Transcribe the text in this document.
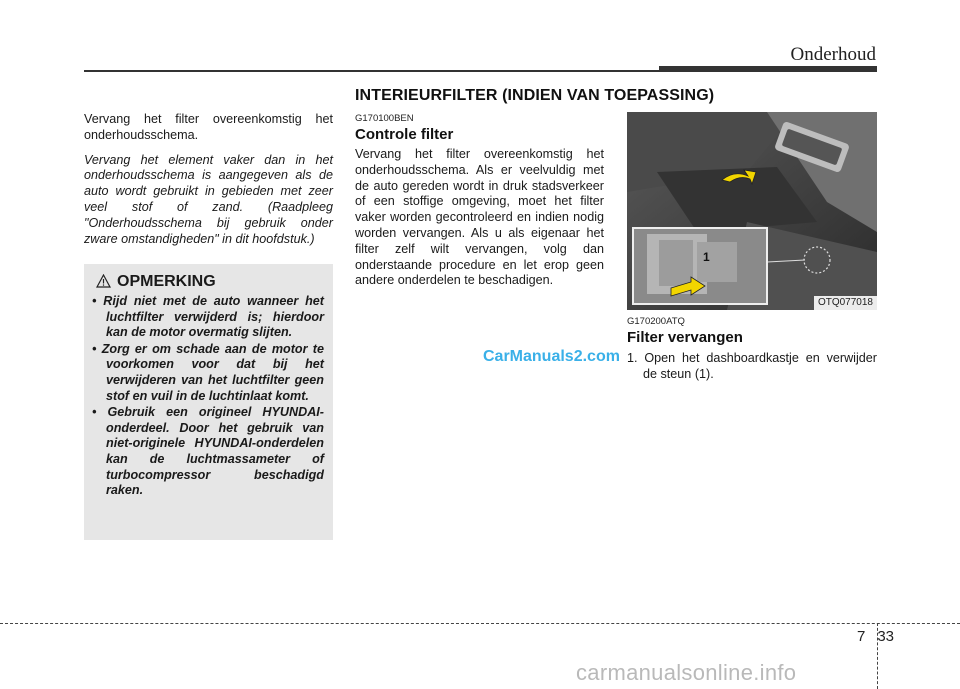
Onderhoud
INTERIEURFILTER (INDIEN VAN TOEPASSING)

Vervang het filter overeenkomstig het onderhoudsschema.

Vervang het element vaker dan in het onderhoudsschema is aangegeven als de auto wordt gebruikt in gebieden met zeer veel stof of zand. (Raadpleeg "Onderhoudsschema bij gebruik onder zware omstandigheden" in dit hoofdstuk.)

OPMERKING
• Rijd niet met de auto wanneer het luchtfilter verwijderd is; hierdoor kan de motor overmatig slijten.
• Zorg er om schade aan de motor te voorkomen voor dat bij het verwijderen van het luchtfilter geen stof en vuil in de luchtinlaat komt.
• Gebruik een origineel HYUNDAI-onderdeel. Door het gebruik van niet-originele HYUNDAI-onderdelen kan de luchtmassameter of turbocompressor beschadigd raken.
G170100BEN
Controle filter
Vervang het filter overeenkomstig het onderhoudsschema. Als er veelvuldig met de auto gereden wordt in druk stadsverkeer of een stoffige omgeving, moet het filter vaker worden gecontroleerd en indien nodig worden vervangen. Als u als eigenaar het filter zelf wilt vervangen, volg dan onderstaande procedure en let erop geen andere onderdelen te beschadigen.
1
OTQ077018
G170200ATQ
Filter vervangen
1. Open het dashboardkastje en verwijder de steun (1).
CarManuals2.com
7 33
carmanualsonline.info
